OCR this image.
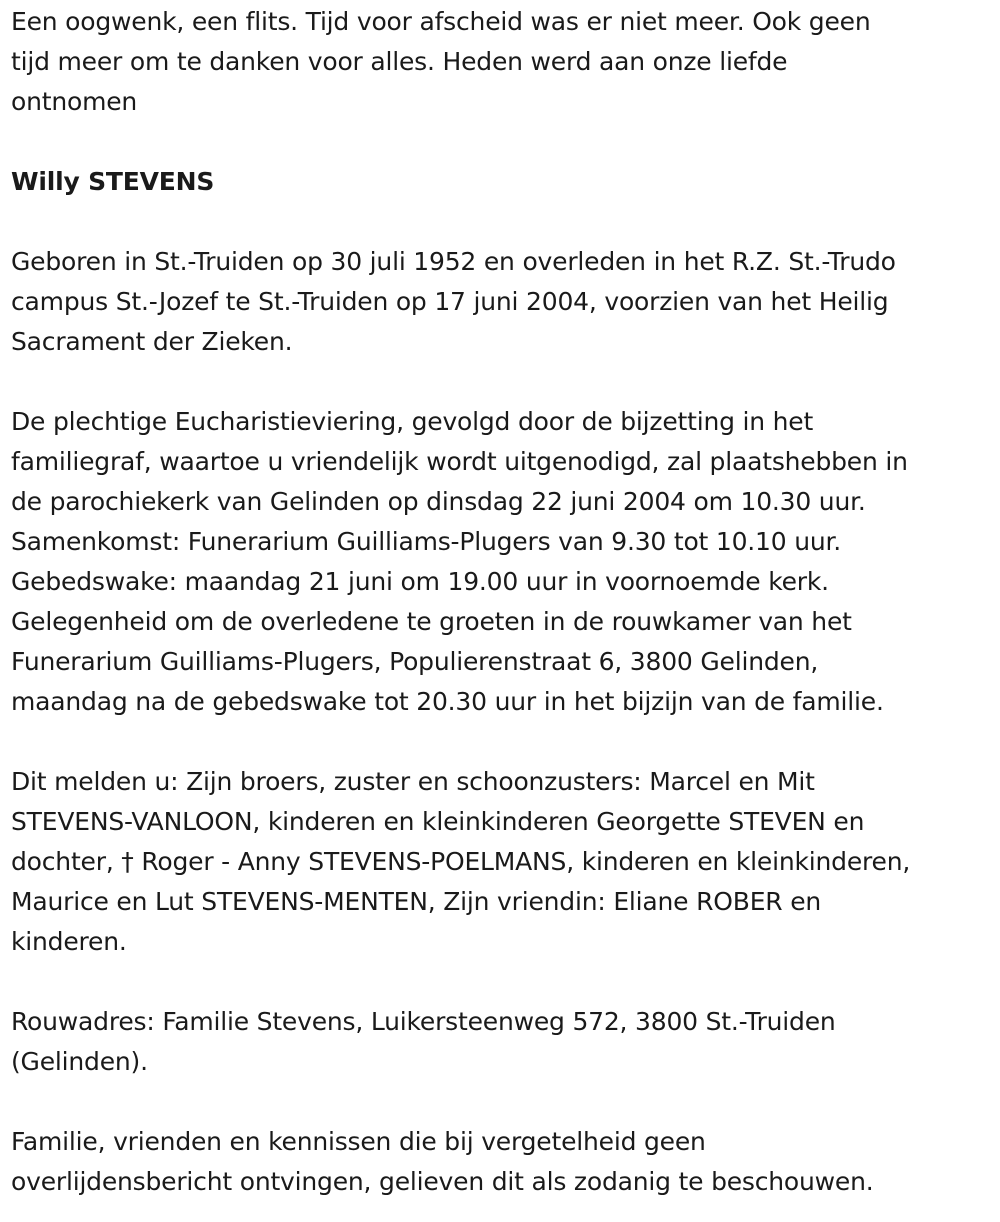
Een oogwenk, een flits. Tijd voor afscheid was er niet meer. Ook geen
tijd meer om te danken voor alles. Heden werd aan onze liefde
ontnomen
Willy STEVENS
Geboren in St.-Truiden op 30 juli 1952 en overleden in het R.Z. St.-Trudo
campus St.-Jozef te St.-Truiden op 17 juni 2004, voorzien van het Heilig
Sacrament der Zieken.
De plechtige Eucharistieviering, gevolgd door de bijzetting in het
familiegraf, waartoe u vriendelijk wordt uitgenodigd, zal plaatshebben in
de parochiekerk van Gelinden op dinsdag 22 juni 2004 om 10.30 uur.
Samenkomst: Funerarium Guilliams-Plugers van 9.30 tot 10.10 uur.
Gebedswake: maandag 21 juni om 19.00 uur in voornoemde kerk.
Gelegenheid om de overledene te groeten in de rouwkamer van het
Funerarium Guilliams-Plugers, Populierenstraat 6, 3800 Gelinden,
maandag na de gebedswake tot 20.30 uur in het bijzijn van de familie.
Dit melden u: Zijn broers, zuster en schoonzusters: Marcel en Mit
STEVENS-VANLOON, kinderen en kleinkinderen Georgette STEVEN en
dochter, † Roger - Anny STEVENS-POELMANS, kinderen en kleinkinderen,
Maurice en Lut STEVENS-MENTEN, Zijn vriendin: Eliane ROBER en
kinderen.
Rouwadres: Familie Stevens, Luikersteenweg 572, 3800 St.-Truiden
(Gelinden).
Familie, vrienden en kennissen die bij vergetelheid geen
overlijdensbericht ontvingen, gelieven dit als zodanig te beschouwen.
